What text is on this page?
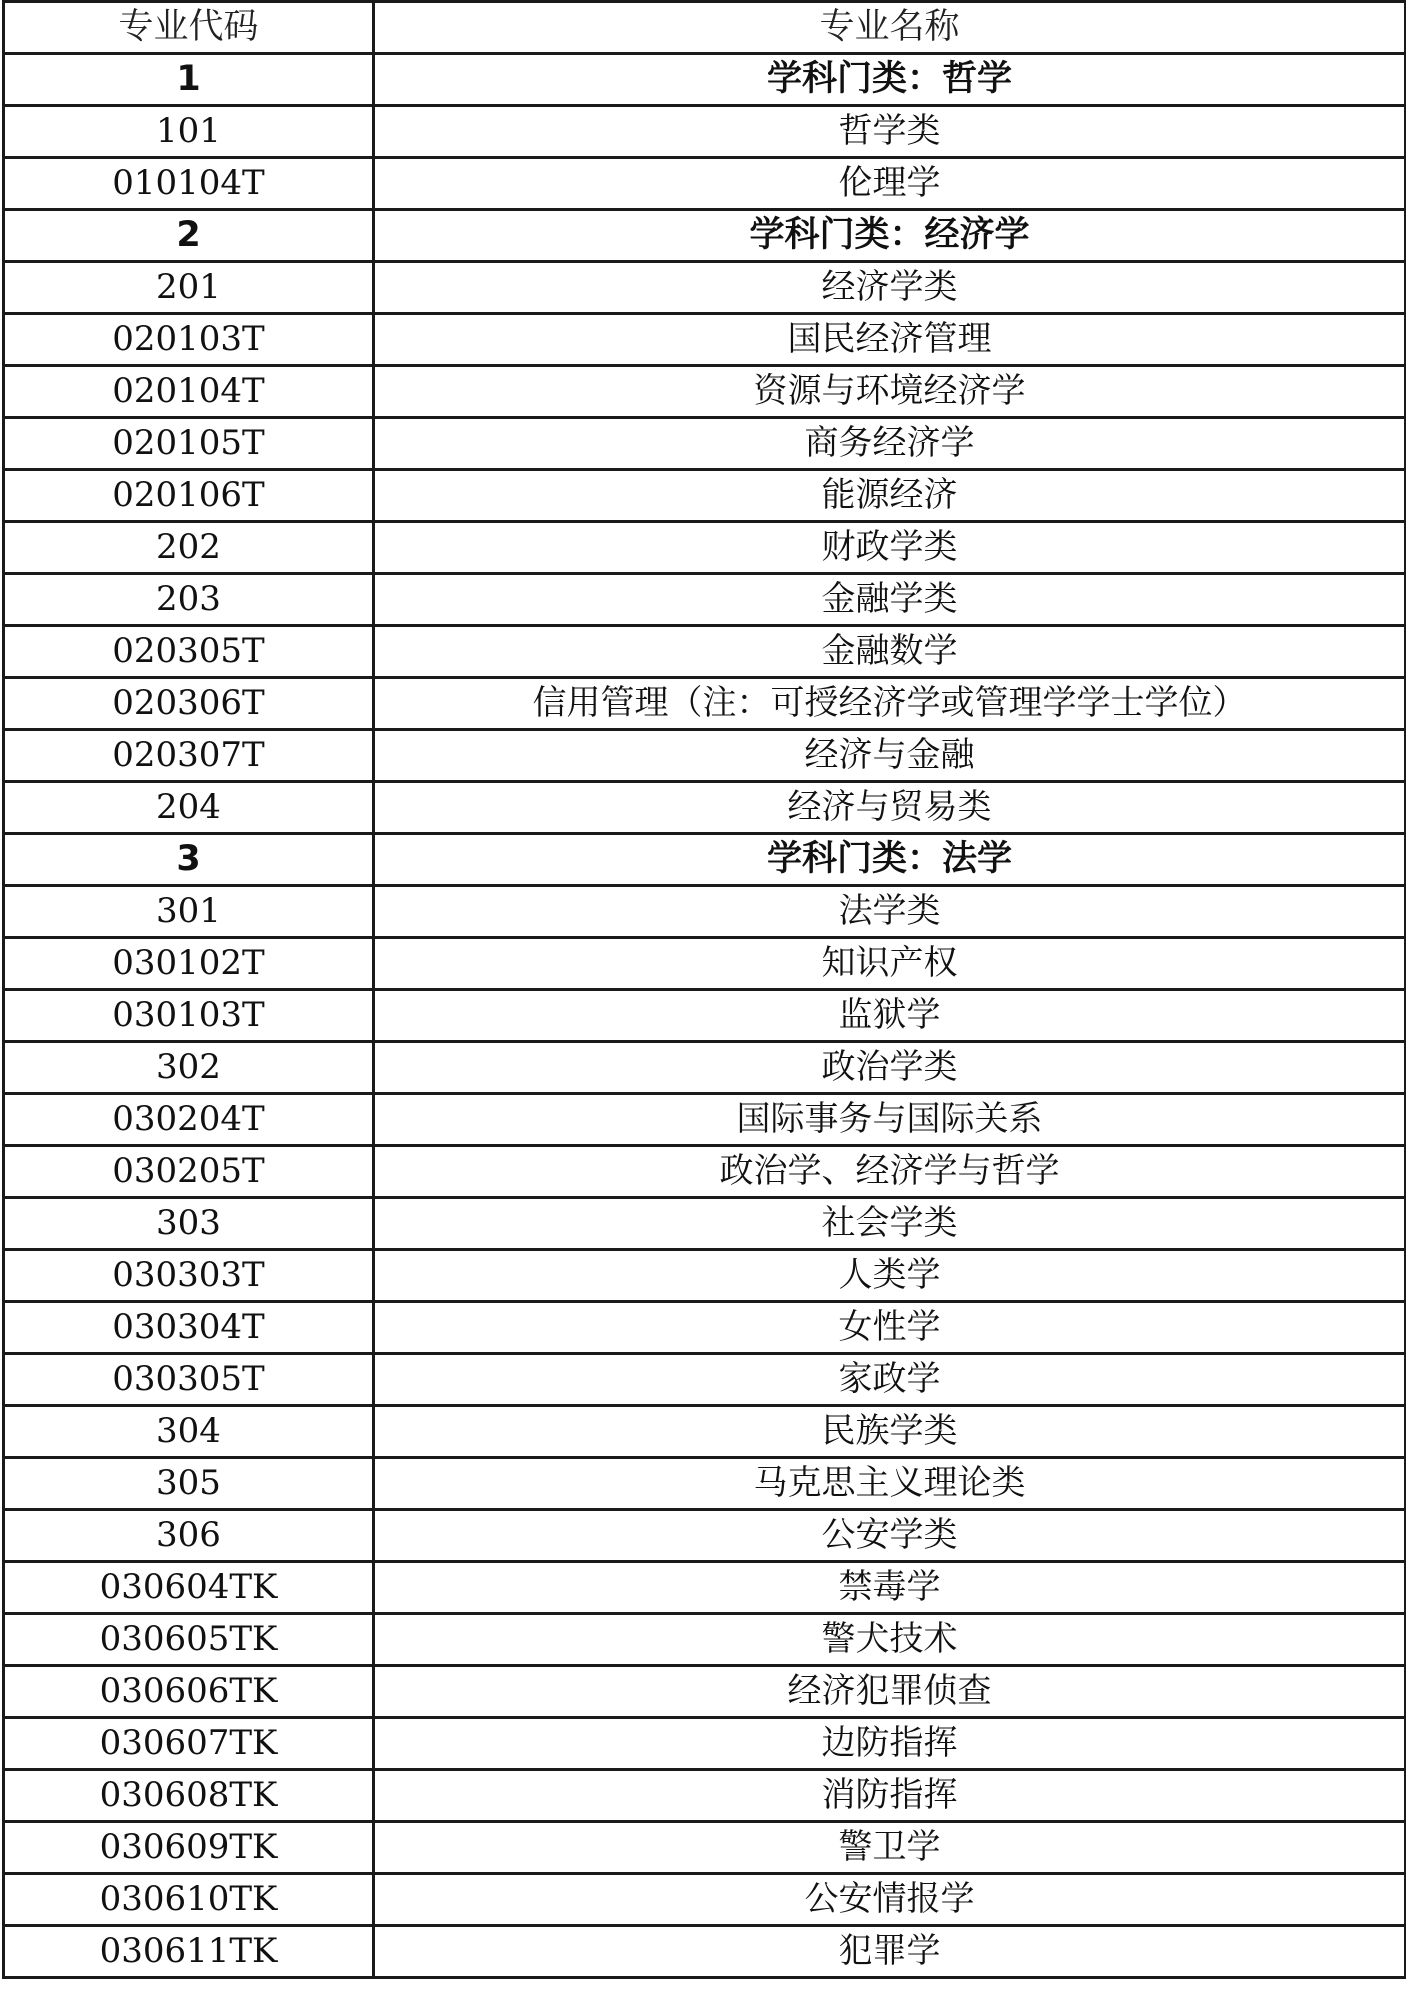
专业代码	专业名称
1	学科门类：哲学
101	哲学类
010104T	伦理学
2	学科门类：经济学
201	经济学类
020103T	国民经济管理
020104T	资源与环境经济学
020105T	商务经济学
020106T	能源经济
202	财政学类
203	金融学类
020305T	金融数学
020306T	信用管理（注：可授经济学或管理学学士学位）
020307T	经济与金融
204	经济与贸易类
3	学科门类：法学
301	法学类
030102T	知识产权
030103T	监狱学
302	政治学类
030204T	国际事务与国际关系
030205T	政治学、经济学与哲学
303	社会学类
030303T	人类学
030304T	女性学
030305T	家政学
304	民族学类
305	马克思主义理论类
306	公安学类
030604TK	禁毒学
030605TK	警犬技术
030606TK	经济犯罪侦查
030607TK	边防指挥
030608TK	消防指挥
030609TK	警卫学
030610TK	公安情报学
030611TK	犯罪学
